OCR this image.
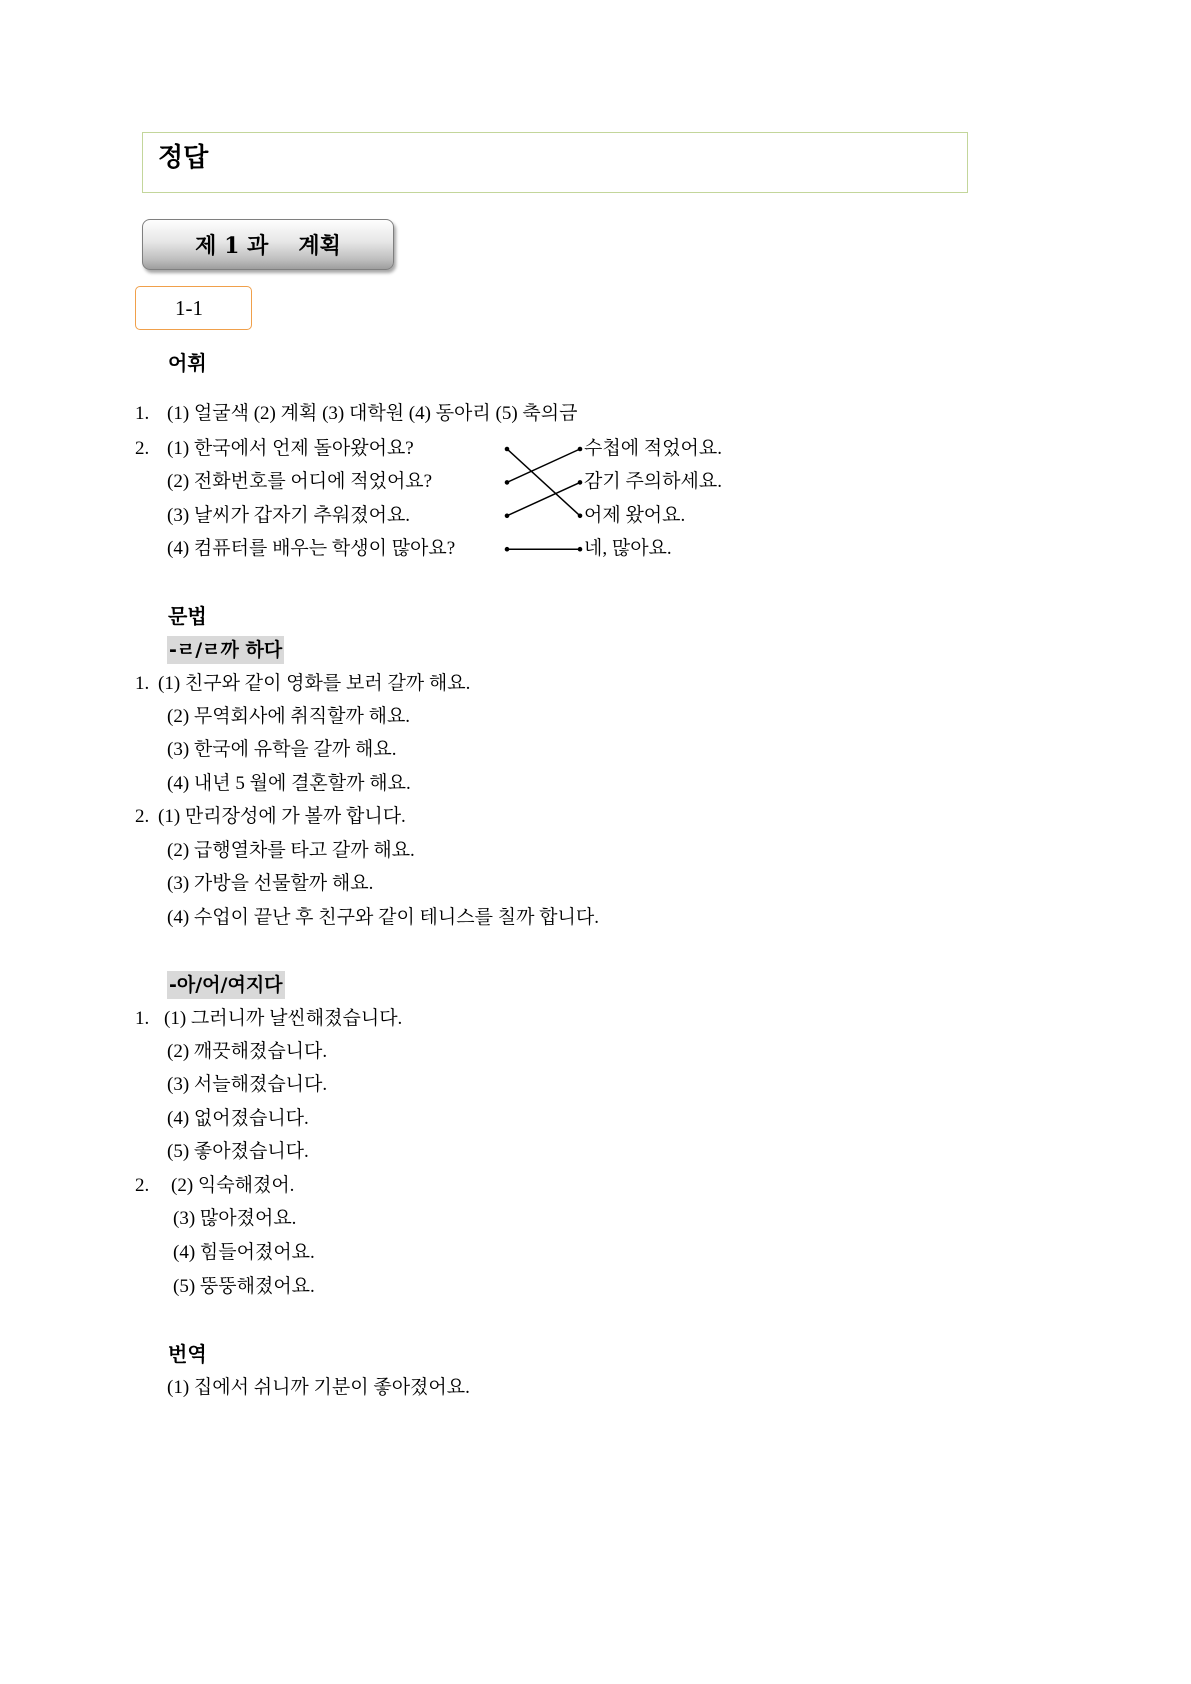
정답
제 1 과 계획
1-1
어휘
1. (1) 얼굴색 (2) 계획 (3) 대학원 (4) 동아리 (5) 축의금
2. (1) 한국에서 언제 돌아왔어요?
(2) 전화번호를 어디에 적었어요?
(3) 날씨가 갑자기 추워졌어요.
(4) 컴퓨터를 배우는 학생이 많아요?
수첩에 적었어요.
감기 주의하세요.
어제 왔어요.
네, 많아요.
문법
-ㄹ/ㄹ까 하다
1. (1) 친구와 같이 영화를 보러 갈까 해요.
(2) 무역회사에 취직할까 해요.
(3) 한국에 유학을 갈까 해요.
(4) 내년 5 월에 결혼할까 해요.
2. (1) 만리장성에 가 볼까 합니다.
(2) 급행열차를 타고 갈까 해요.
(3) 가방을 선물할까 해요.
(4) 수업이 끝난 후 친구와 같이 테니스를 칠까 합니다.
-아/어/여지다
1. (1) 그러니까 날씬해졌습니다.
(2) 깨끗해졌습니다.
(3) 서늘해졌습니다.
(4) 없어졌습니다.
(5) 좋아졌습니다.
2. (2) 익숙해졌어.
(3) 많아졌어요.
(4) 힘들어졌어요.
(5) 뚱뚱해졌어요.
번역
(1) 집에서 쉬니까 기분이 좋아졌어요.
